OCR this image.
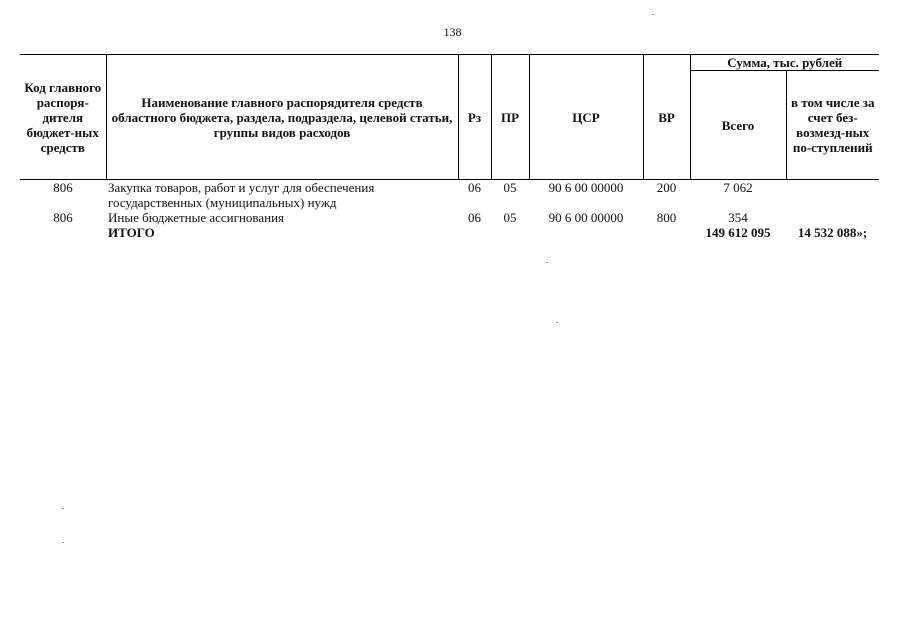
138
Код главного распоря-дителя бюджет-ных средств	Наименование главного распорядителя средств областного бюджета, раздела, подраздела, целевой статьи, группы видов расходов	Рз	ПР	ЦСР	ВР	Сумма, тыс. рублей	
						Всего	в том числе за счет без-возмезд-ных по-ступлений
806	Закупка товаров, работ и услуг для обеспечения государственных (муниципальных) нужд	06	05	90 6 00 00000	200	7 062	
806	Иные бюджетные ассигнования	06	05	90 6 00 00000	800	354	
	ИТОГО					149 612 095	14 532 088»;
